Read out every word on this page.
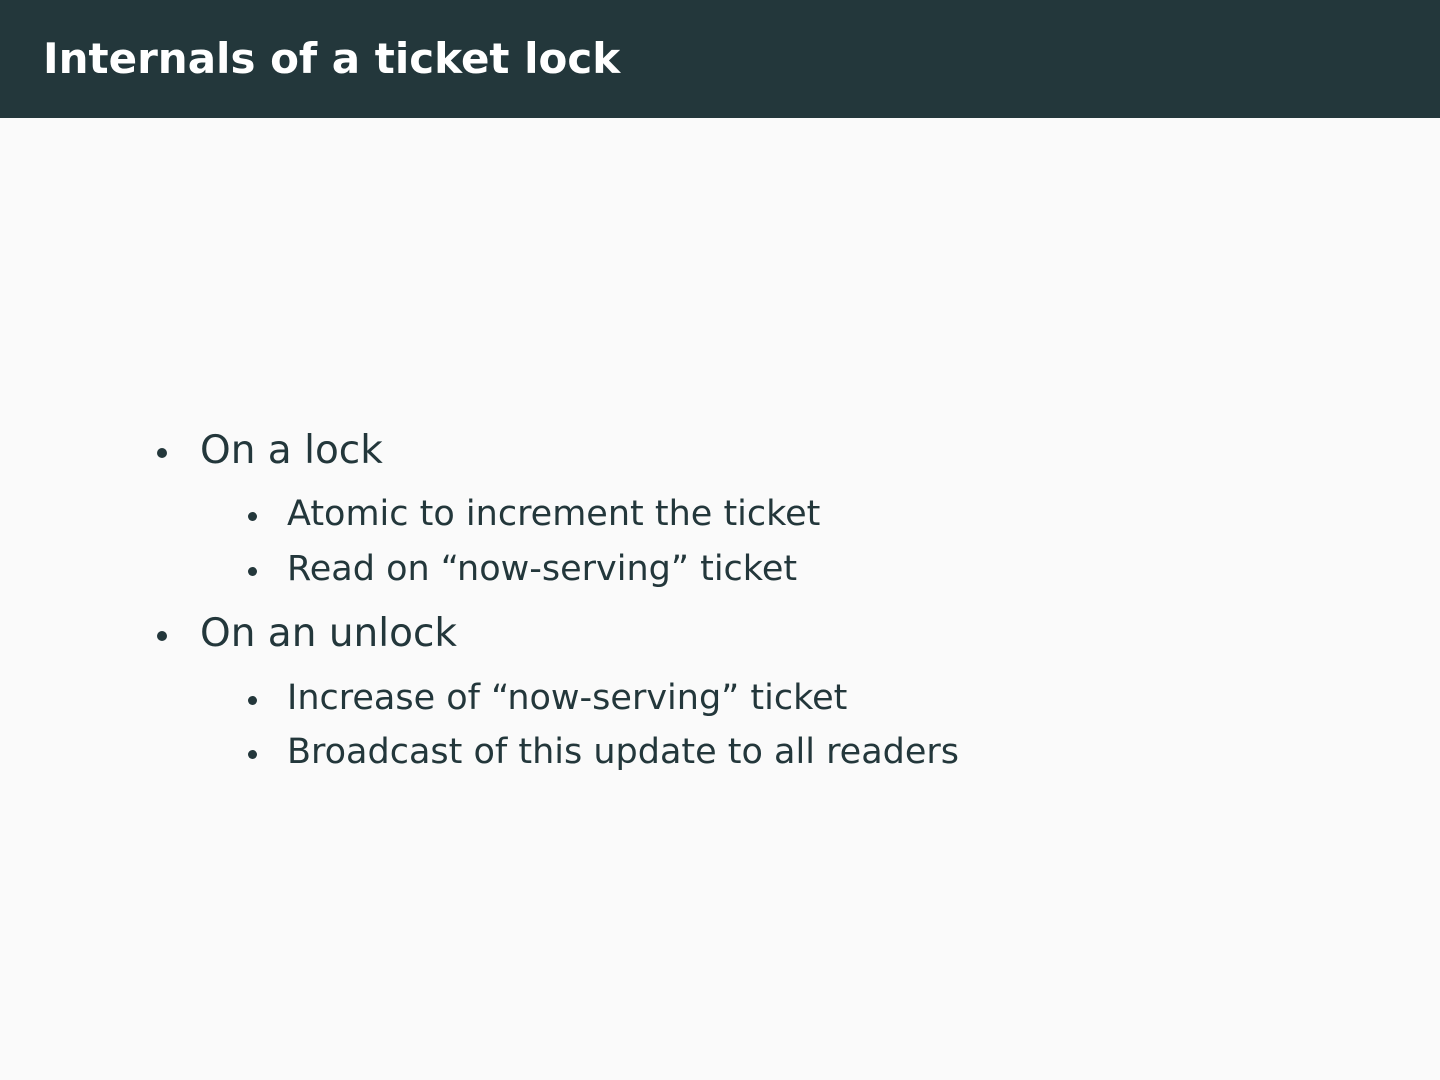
Internals of a ticket lock
On a lock
Atomic to increment the ticket
Read on “now-serving” ticket
On an unlock
Increase of “now-serving” ticket
Broadcast of this update to all readers
